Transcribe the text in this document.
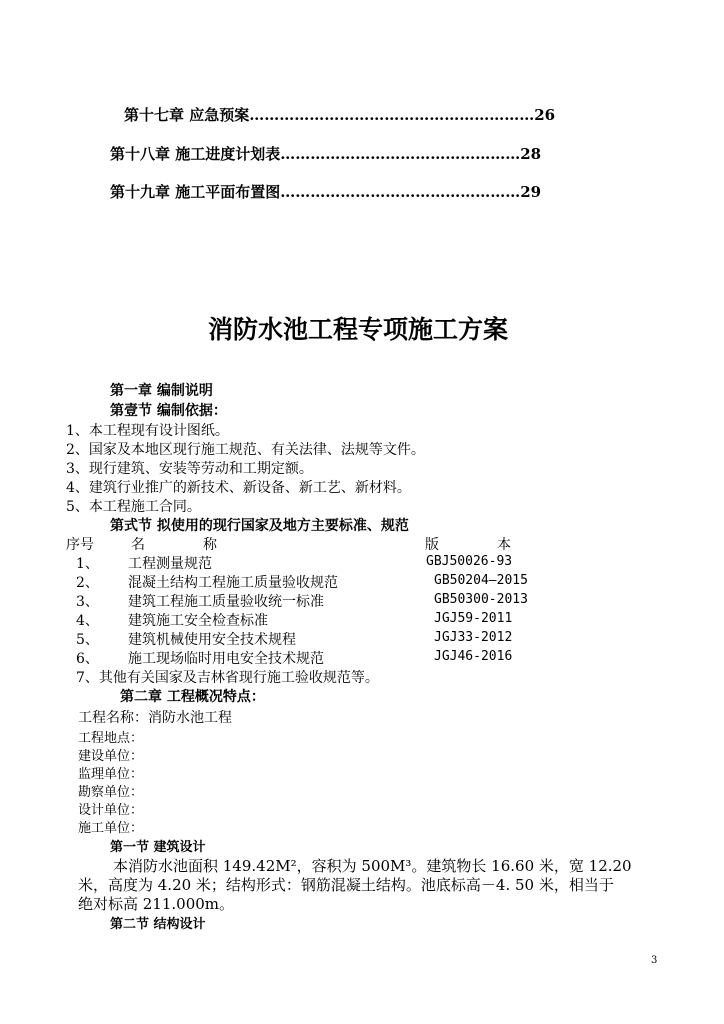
第十七章 应急预案…………………………………………………26
第十八章 施工进度计划表…………………………………………28
第十九章 施工平面布置图…………………………………………29
消防水池工程专项施工方案
第一章 编制说明
第壹节 编制依据：
1、本工程现有设计图纸。
2、国家及本地区现行施工规范、有关法律、法规等文件。
3、现行建筑、安装等劳动和工期定额。
4、建筑行业推广的新技术、新设备、新工艺、新材料。
5、本工程施工合同。
第式节 拟使用的现行国家及地方主要标准、规范
序号	名	称	版	本
1、 工程测量规范	GBJ50026-93
2、 混凝土结构工程施工质量验收规范	GB50204—2015
3、 建筑工程施工质量验收统一标准	GB50300-2013
4、 建筑施工安全检查标准	JGJ59-2011
5、 建筑机械使用安全技术规程	JGJ33-2012
6、 施工现场临时用电安全技术规范	JGJ46-2016
7、其他有关国家及吉林省现行施工验收规范等。
第二章 工程概况特点：
工程名称：消防水池工程
工程地点：
建设单位：
监理单位：
勘察单位：
设计单位：
施工单位：
第一节 建筑设计
本消防水池面积 149.42M²，容积为 500M³。建筑物长 16.60 米，宽 12.20
米，高度为 4.20 米；结构形式：钢筋混凝土结构。池底标高－4. 50 米，相当于
绝对标高 211.000m。
第二节 结构设计
3
